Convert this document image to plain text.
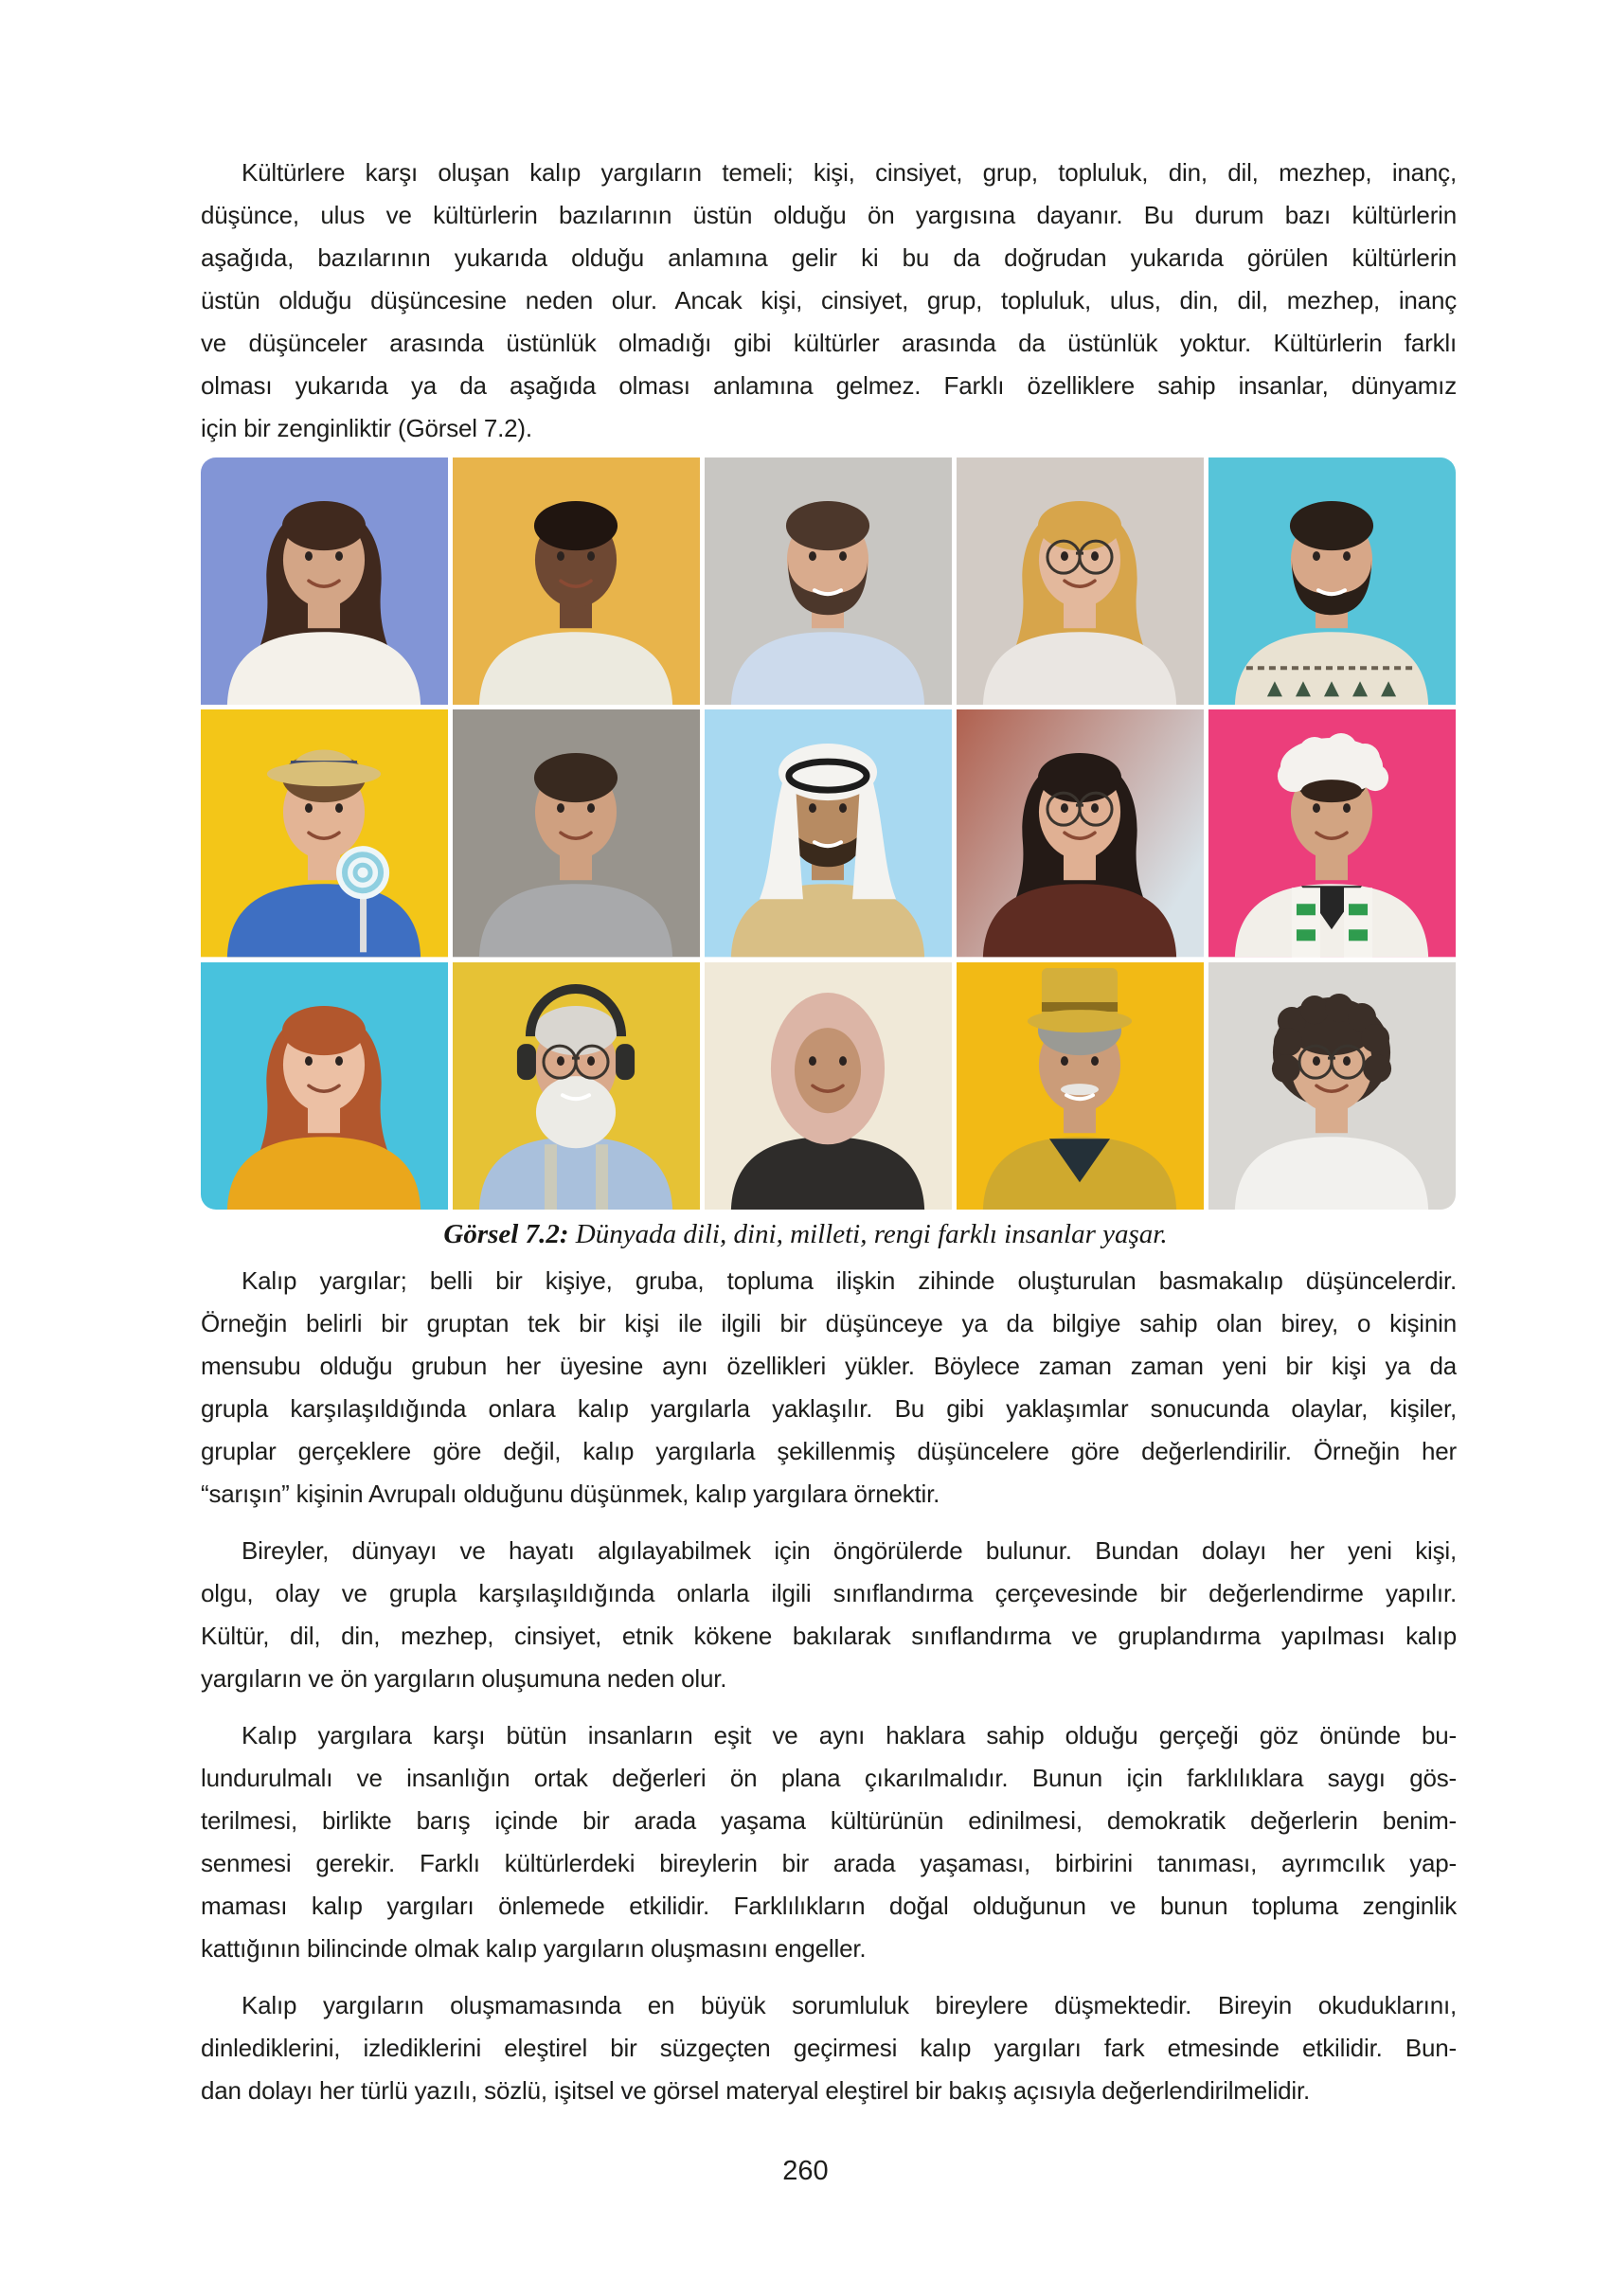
Kültürlere karşı oluşan kalıp yargıların temeli; kişi, cinsiyet, grup, topluluk, din, dil, mezhep, inanç,
düşünce, ulus ve kültürlerin bazılarının üstün olduğu ön yargısına dayanır. Bu durum bazı kültürlerin
aşağıda, bazılarının yukarıda olduğu anlamına gelir ki bu da doğrudan yukarıda görülen kültürlerin
üstün olduğu düşüncesine neden olur. Ancak kişi, cinsiyet, grup, topluluk, ulus, din, dil, mezhep, inanç
ve düşünceler arasında üstünlük olmadığı gibi kültürler arasında da üstünlük yoktur. Kültürlerin farklı
olması yukarıda ya da aşağıda olması anlamına gelmez. Farklı özelliklere sahip insanlar, dünyamız
için bir zenginliktir (Görsel 7.2).
Görsel 7.2: Dünyada dili, dini, milleti, rengi farklı insanlar yaşar.
Kalıp yargılar; belli bir kişiye, gruba, topluma ilişkin zihinde oluşturulan basmakalıp düşüncelerdir.
Örneğin belirli bir gruptan tek bir kişi ile ilgili bir düşünceye ya da bilgiye sahip olan birey, o kişinin
mensubu olduğu grubun her üyesine aynı özellikleri yükler. Böylece zaman zaman yeni bir kişi ya da
grupla karşılaşıldığında onlara kalıp yargılarla yaklaşılır. Bu gibi yaklaşımlar sonucunda olaylar, kişiler,
gruplar gerçeklere göre değil, kalıp yargılarla şekillenmiş düşüncelere göre değerlendirilir. Örneğin her
“sarışın” kişinin Avrupalı olduğunu düşünmek, kalıp yargılara örnektir.
Bireyler, dünyayı ve hayatı algılayabilmek için öngörülerde bulunur. Bundan dolayı her yeni kişi,
olgu, olay ve grupla karşılaşıldığında onlarla ilgili sınıflandırma çerçevesinde bir değerlendirme yapılır.
Kültür, dil, din, mezhep, cinsiyet, etnik kökene bakılarak sınıflandırma ve gruplandırma yapılması kalıp
yargıların ve ön yargıların oluşumuna neden olur.
Kalıp yargılara karşı bütün insanların eşit ve aynı haklara sahip olduğu gerçeği göz önünde bu-
lundurulmalı ve insanlığın ortak değerleri ön plana çıkarılmalıdır. Bunun için farklılıklara saygı gös-
terilmesi, birlikte barış içinde bir arada yaşama kültürünün edinilmesi, demokratik değerlerin benim-
senmesi gerekir. Farklı kültürlerdeki bireylerin bir arada yaşaması, birbirini tanıması, ayrımcılık yap-
maması kalıp yargıları önlemede etkilidir. Farklılıkların doğal olduğunun ve bunun topluma zenginlik
kattığının bilincinde olmak kalıp yargıların oluşmasını engeller.
Kalıp yargıların oluşmamasında en büyük sorumluluk bireylere düşmektedir. Bireyin okuduklarını,
dinlediklerini, izlediklerini eleştirel bir süzgeçten geçirmesi kalıp yargıları fark etmesinde etkilidir. Bun-
dan dolayı her türlü yazılı, sözlü, işitsel ve görsel materyal eleştirel bir bakış açısıyla değerlendirilmelidir.
260
